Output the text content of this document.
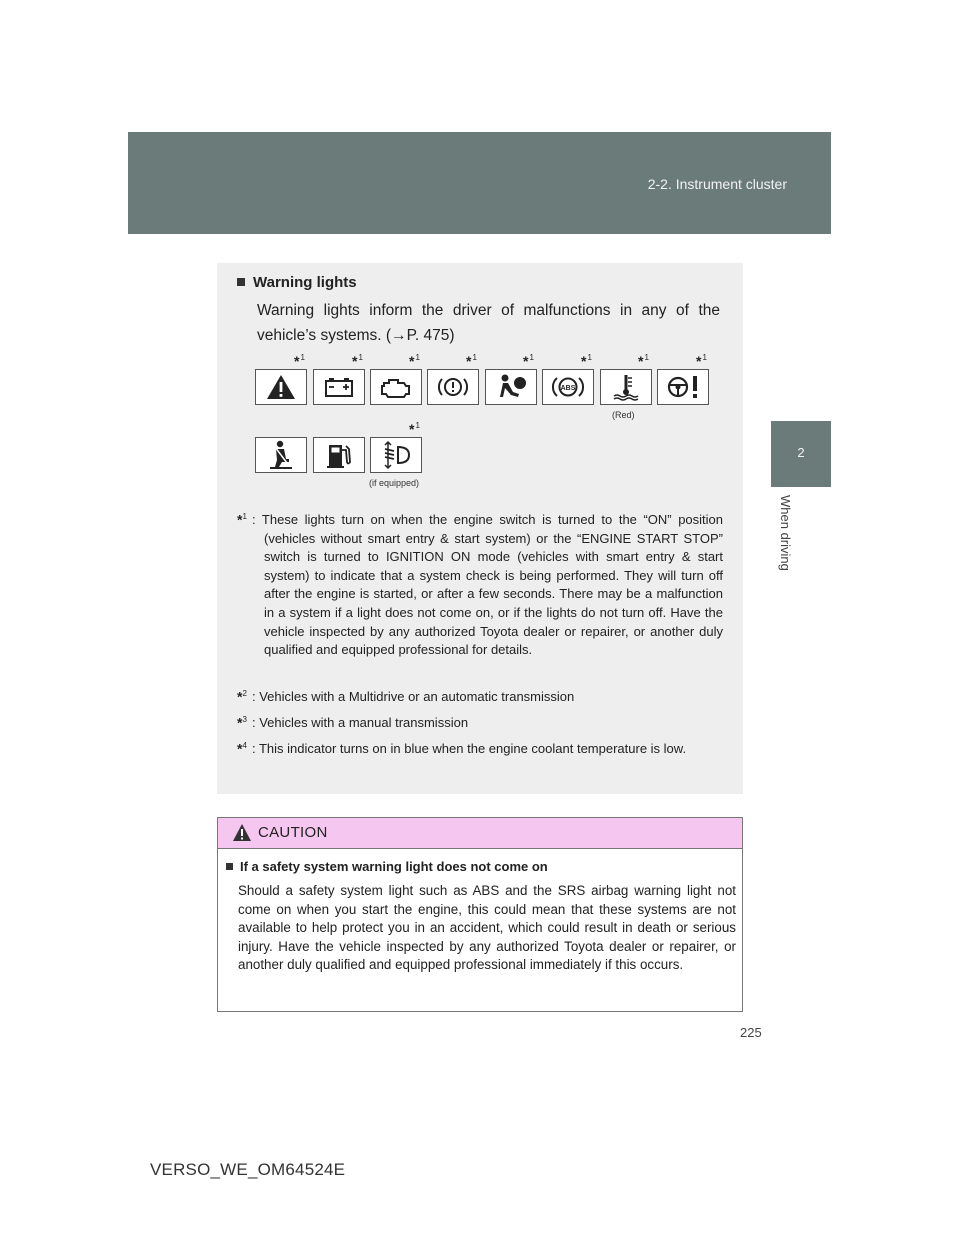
2-2. Instrument cluster
2
When driving
Warning lights
Warning lights inform the driver of malfunctions in any of the vehicle’s systems. (→P. 475)
*$^1$	*$^1$	*$^1$	*$^1$	*$^1$	*$^1$	*$^1$	*$^1$
ABS
(Red)
*$^1$
(if equipped)
*$^1$ : These lights turn on when the engine switch is turned to the “ON” position (vehicles without smart entry & start system) or the “ENGINE START STOP” switch is turned to IGNITION ON mode (vehicles with smart entry & start system) to indicate that a system check is being performed. They will turn off after the engine is started, or after a few seconds. There may be a malfunction in a system if a light does not come on, or if the lights do not turn off. Have the vehicle inspected by any authorized Toyota dealer or repairer, or another duly qualified and equipped professional for details.
*$^2$ : Vehicles with a Multidrive or an automatic transmission
*$^3$ : Vehicles with a manual transmission
*$^4$ : This indicator turns on in blue when the engine coolant temperature is low.
CAUTION
If a safety system warning light does not come on
Should a safety system light such as ABS and the SRS airbag warning light not come on when you start the engine, this could mean that these systems are not available to help protect you in an accident, which could result in death or serious injury. Have the vehicle inspected by any authorized Toyota dealer or repairer, or another duly qualified and equipped professional immediately if this occurs.
225
VERSO_WE_OM64524E
